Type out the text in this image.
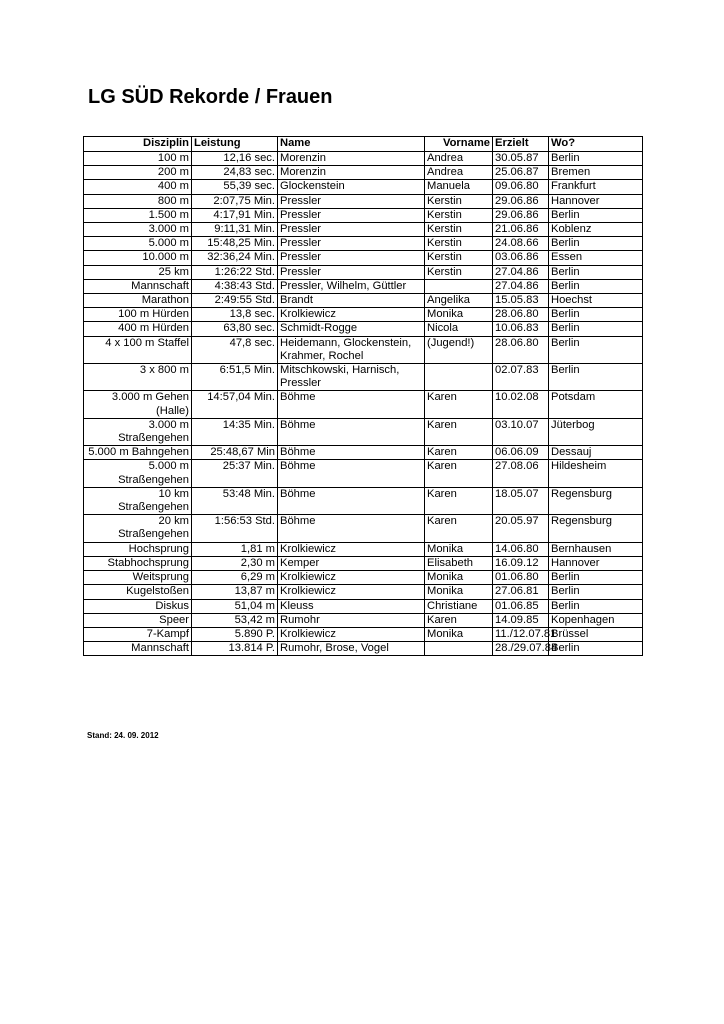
LG SÜD Rekorde / Frauen
Disziplin	Leistung	Name	Vorname	Erzielt	Wo?
100 m	12,16 sec.	Morenzin	Andrea	30.05.87	Berlin
200 m	24,83 sec.	Morenzin	Andrea	25.06.87	Bremen
400 m	55,39 sec.	Glockenstein	Manuela	09.06.80	Frankfurt
800 m	2:07,75 Min.	Pressler	Kerstin	29.06.86	Hannover
1.500 m	4:17,91 Min.	Pressler	Kerstin	29.06.86	Berlin
3.000 m	9:11,31 Min.	Pressler	Kerstin	21.06.86	Koblenz
5.000 m	15:48,25 Min.	Pressler	Kerstin	24.08.66	Berlin
10.000 m	32:36,24 Min.	Pressler	Kerstin	03.06.86	Essen
25 km	1:26:22 Std.	Pressler	Kerstin	27.04.86	Berlin
Mannschaft	4:38:43 Std.	Pressler, Wilhelm, Güttler		27.04.86	Berlin
Marathon	2:49:55 Std.	Brandt	Angelika	15.05.83	Hoechst
100 m Hürden	13,8 sec.	Krolkiewicz	Monika	28.06.80	Berlin
400 m Hürden	63,80 sec.	Schmidt-Rogge	Nicola	10.06.83	Berlin
4 x 100 m Staffel	47,8 sec.	Heidemann, Glockenstein, Krahmer, Rochel	(Jugend!)	28.06.80	Berlin
3 x 800 m	6:51,5 Min.	Mitschkowski, Harnisch, Pressler		02.07.83	Berlin
3.000 m Gehen (Halle)	14:57,04 Min.	Böhme	Karen	10.02.08	Potsdam
3.000 m Straßengehen	14:35 Min.	Böhme	Karen	03.10.07	Jüterbog
5.000 m Bahngehen	25:48,67 Min	Böhme	Karen	06.06.09	Dessauj
5.000 m Straßengehen	25:37 Min.	Böhme	Karen	27.08.06	Hildesheim
10 km Straßengehen	53:48 Min.	Böhme	Karen	18.05.07	Regensburg
20 km Straßengehen	1:56:53 Std.	Böhme	Karen	20.05.97	Regensburg
Hochsprung	1,81 m	Krolkiewicz	Monika	14.06.80	Bernhausen
Stabhochsprung	2,30 m	Kemper	Elisabeth	16.09.12	Hannover
Weitsprung	6,29 m	Krolkiewicz	Monika	01.06.80	Berlin
Kugelstoßen	13,87 m	Krolkiewicz	Monika	27.06.81	Berlin
Diskus	51,04 m	Kleuss	Christiane	01.06.85	Berlin
Speer	53,42 m	Rumohr	Karen	14.09.85	Kopenhagen
7-Kampf	5.890 P.	Krolkiewicz	Monika	11./12.07.81	Brüssel
Mannschaft	13.814 P.	Rumohr, Brose, Vogel		28./29.07.84	Berlin
Stand: 24. 09. 2012
